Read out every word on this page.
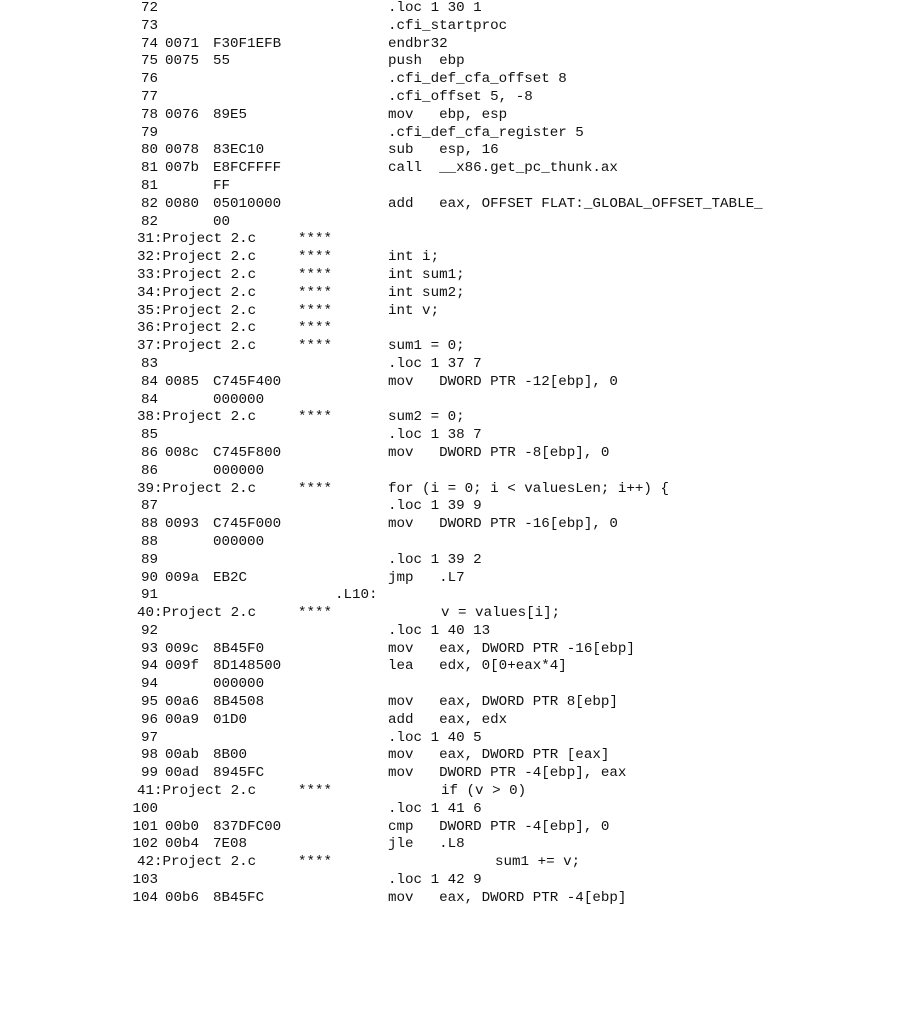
72	.loc 1 30 1
73	.cfi_startproc
74 0071 F30F1EFB	endbr32
75 0075 55	push  ebp
76	.cfi_def_cfa_offset 8
77	.cfi_offset 5, -8
78 0076 89E5	mov   ebp, esp
79	.cfi_def_cfa_register 5
80 0078 83EC10	sub   esp, 16
81 007b E8FCFFFF	call  __x86.get_pc_thunk.ax
81	FF
82 0080 05010000	add   eax, OFFSET FLAT:_GLOBAL_OFFSET_TABLE_
82	00
31:Project 2.c	****
32:Project 2.c	****	int i;
33:Project 2.c	****	int sum1;
34:Project 2.c	****	int sum2;
35:Project 2.c	****	int v;
36:Project 2.c	****
37:Project 2.c	****	sum1 = 0;
83	.loc 1 37 7
84 0085 C745F400	mov   DWORD PTR -12[ebp], 0
84	000000
38:Project 2.c	****	sum2 = 0;
85	.loc 1 38 7
86 008c C745F800	mov   DWORD PTR -8[ebp], 0
86	000000
39:Project 2.c	****	for (i = 0; i < valuesLen; i++) {
87	.loc 1 39 9
88 0093 C745F000	mov   DWORD PTR -16[ebp], 0
88	000000
89	.loc 1 39 2
90 009a EB2C	jmp   .L7
91	.L10:
40:Project 2.c	****	v = values[i];
92	.loc 1 40 13
93 009c 8B45F0	mov   eax, DWORD PTR -16[ebp]
94 009f 8D148500	lea   edx, 0[0+eax*4]
94	000000
95 00a6 8B4508	mov   eax, DWORD PTR 8[ebp]
96 00a9 01D0	add   eax, edx
97	.loc 1 40 5
98 00ab 8B00	mov   eax, DWORD PTR [eax]
99 00ad 8945FC	mov   DWORD PTR -4[ebp], eax
41:Project 2.c	****	if (v > 0)
100	.loc 1 41 6
101 00b0 837DFC00	cmp   DWORD PTR -4[ebp], 0
102 00b4 7E08	jle   .L8
42:Project 2.c	****	sum1 += v;
103	.loc 1 42 9
104 00b6 8B45FC	mov   eax, DWORD PTR -4[ebp]
